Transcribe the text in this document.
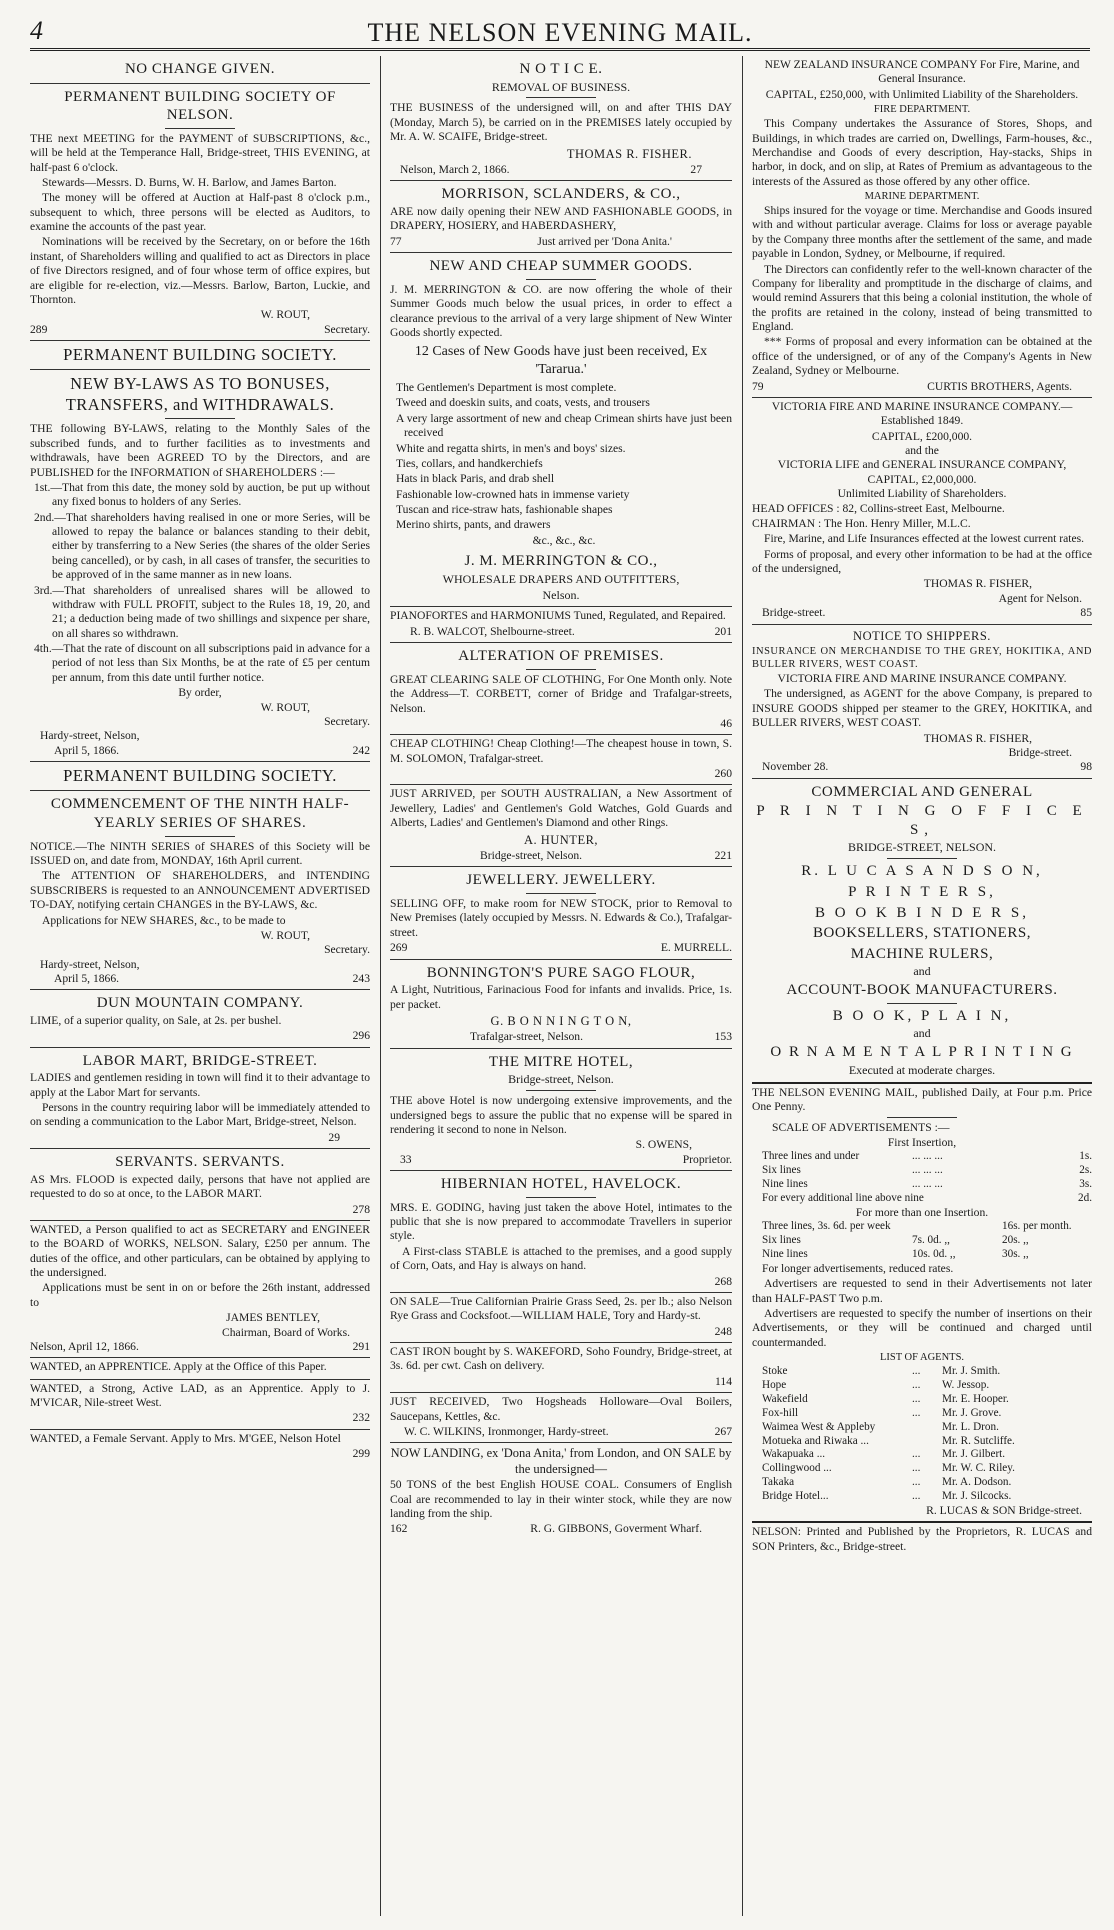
4	THE NELSON EVENING MAIL.
NO CHANGE GIVEN.
PERMANENT BUILDING SOCIETY OF NELSON.

THE next MEETING for the PAYMENT of SUBSCRIPTIONS, &c., will be held at the Temperance Hall, Bridge-street, THIS EVENING, at half-past 6 o'clock.

Stewards—Messrs. D. Burns, W. H. Barlow, and James Barton.

The money will be offered at Auction at Half-past 8 o'clock p.m., subsequent to which, three persons will be elected as Auditors, to examine the accounts of the past year.

Nominations will be received by the Secretary, on or before the 16th instant, of Shareholders willing and qualified to act as Directors in place of five Directors resigned, and of four whose term of office expires, but are eligible for re-election, viz.—Messrs. Barlow, Barton, Luckie, and Thornton.

W. ROUT,
289	Secretary.
PERMANENT BUILDING SOCIETY.
NEW BY-LAWS AS TO BONUSES, TRANSFERS, and WITHDRAWALS.

THE following BY-LAWS, relating to the Monthly Sales of the subscribed funds, and to further facilities as to investments and withdrawals, have been AGREED TO by the Directors, and are PUBLISHED for the INFORMATION of SHAREHOLDERS :—

1st.—That from this date, the money sold by auction, be put up without any fixed bonus to holders of any Series.

2nd.—That shareholders having realised in one or more Series, will be allowed to repay the balance or balances standing to their debit, either by transferring to a New Series (the shares of the older Series being cancelled), or by cash, in all cases of transfer, the securities to be approved of in the same manner as in new loans.

3rd.—That shareholders of unrealised shares will be allowed to withdraw with FULL PROFIT, subject to the Rules 18, 19, 20, and 21; a deduction being made of two shillings and sixpence per share, on all shares so withdrawn.

4th.—That the rate of discount on all subscriptions paid in advance for a period of not less than Six Months, be at the rate of £5 per centum per annum, from this date until further notice.

By order,
W. ROUT,
Secretary.
Hardy-street, Nelson,
April 5, 1866.	242
PERMANENT BUILDING SOCIETY.
COMMENCEMENT OF THE NINTH HALF-YEARLY SERIES OF SHARES.

NOTICE.—The NINTH SERIES of SHARES of this Society will be ISSUED on, and date from, MONDAY, 16th April current.

The ATTENTION OF SHAREHOLDERS, and INTENDING SUBSCRIBERS is requested to an ANNOUNCEMENT ADVERTISED TO-DAY, notifying certain CHANGES in the BY-LAWS, &c.

Applications for NEW SHARES, &c., to be made to

W. ROUT,
Secretary.
Hardy-street, Nelson,
April 5, 1866.	243
DUN MOUNTAIN COMPANY.

LIME, of a superior quality, on Sale, at 2s. per bushel.

296
LABOR MART, BRIDGE-STREET.

LADIES and gentlemen residing in town will find it to their advantage to apply at the Labor Mart for servants.

Persons in the country requiring labor will be immediately attended to on sending a communication to the Labor Mart, Bridge-street, Nelson.

29
SERVANTS. SERVANTS.

AS Mrs. FLOOD is expected daily, persons that have not applied are requested to do so at once, to the LABOR MART.

278

WANTED, a Person qualified to act as SECRETARY and ENGINEER to the BOARD of WORKS, NELSON. Salary, £250 per annum. The duties of the office, and other particulars, can be obtained by applying to the undersigned.

Applications must be sent in on or before the 26th instant, addressed to

JAMES BENTLEY,
Chairman, Board of Works.
Nelson, April 12, 1866.	291

WANTED, an APPRENTICE. Apply at the Office of this Paper.

WANTED, a Strong, Active LAD, as an Apprentice. Apply to J. M'VICAR, Nile-street West.

232

WANTED, a Female Servant. Apply to Mrs. M'GEE, Nelson Hotel

299
N O T I C E.
REMOVAL OF BUSINESS.

THE BUSINESS of the undersigned will, on and after THIS DAY (Monday, March 5), be carried on in the PREMISES lately occupied by Mr. A. W. SCAIFE, Bridge-street.

THOMAS R. FISHER.
Nelson, March 2, 1866.	27
MORRISON, SCLANDERS, & CO.,

ARE now daily opening their NEW AND FASHIONABLE GOODS, in DRAPERY, HOSIERY, and HABERDASHERY,

77	Just arrived per 'Dona Anita.'
NEW AND CHEAP SUMMER GOODS.

J. M. MERRINGTON & CO. are now offering the whole of their Summer Goods much below the usual prices, in order to effect a clearance previous to the arrival of a very large shipment of New Winter Goods shortly expected.

12 Cases of New Goods have just been received, Ex 'Tararua.'

The Gentlemen's Department is most complete.

Tweed and doeskin suits, and coats, vests, and trousers

A very large assortment of new and cheap Crimean shirts have just been received

White and regatta shirts, in men's and boys' sizes.

Ties, collars, and handkerchiefs

Hats in black Paris, and drab shell

Fashionable low-crowned hats in immense variety

Tuscan and rice-straw hats, fashionable shapes

Merino shirts, pants, and drawers

&c., &c., &c.

J. M. MERRINGTON & CO.,
WHOLESALE DRAPERS AND OUTFITTERS,
Nelson.

PIANOFORTES and HARMONIUMS Tuned, Regulated, and Repaired.

R. B. WALCOT, Shelbourne-street.	201
ALTERATION OF PREMISES.

GREAT CLEARING SALE OF CLOTHING, For One Month only. Note the Address—T. CORBETT, corner of Bridge and Trafalgar-streets, Nelson.

46

CHEAP CLOTHING! Cheap Clothing!—The cheapest house in town, S. M. SOLOMON, Trafalgar-street.

260

JUST ARRIVED, per SOUTH AUSTRALIAN, a New Assortment of Jewellery, Ladies' and Gentlemen's Gold Watches, Gold Guards and Alberts, Ladies' and Gentlemen's Diamond and other Rings.

A. HUNTER,
Bridge-street, Nelson.	221
JEWELLERY. JEWELLERY.

SELLING OFF, to make room for NEW STOCK, prior to Removal to New Premises (lately occupied by Messrs. N. Edwards & Co.), Trafalgar-street.

269	E. MURRELL.
BONNINGTON'S PURE SAGO FLOUR,

A Light, Nutritious, Farinacious Food for infants and invalids. Price, 1s. per packet.

G. B O N N I N G T O N,
Trafalgar-street, Nelson.	153
THE MITRE HOTEL,
Bridge-street, Nelson.

THE above Hotel is now undergoing extensive improvements, and the undersigned begs to assure the public that no expense will be spared in rendering it second to none in Nelson.

S. OWENS,
33	Proprietor.
HIBERNIAN HOTEL, HAVELOCK.

MRS. E. GODING, having just taken the above Hotel, intimates to the public that she is now prepared to accommodate Travellers in superior style.

A First-class STABLE is attached to the premises, and a good supply of Corn, Oats, and Hay is always on hand.

268

ON SALE—True Californian Prairie Grass Seed, 2s. per lb.; also Nelson Rye Grass and Cocksfoot.—WILLIAM HALE, Tory and Hardy-st.

248

CAST IRON bought by S. WAKEFORD, Soho Foundry, Bridge-street, at 3s. 6d. per cwt. Cash on delivery.

114

JUST RECEIVED, Two Hogsheads Holloware—Oval Boilers, Saucepans, Kettles, &c.

W. C. WILKINS, Ironmonger, Hardy-street.	267
NOW LANDING, ex 'Dona Anita,' from London, and ON SALE by the undersigned—

50 TONS of the best English HOUSE COAL. Consumers of English Coal are recommended to lay in their winter stock, while they are now landing from the ship.

162	R. G. GIBBONS, Goverment Wharf.

NEW ZEALAND INSURANCE COMPANY For Fire, Marine, and General Insurance.

CAPITAL, £250,000, with Unlimited Liability of the Shareholders.

FIRE DEPARTMENT.

This Company undertakes the Assurance of Stores, Shops, and Buildings, in which trades are carried on, Dwellings, Farm-houses, &c., Merchandise and Goods of every description, Hay-stacks, Ships in harbor, in dock, and on slip, at Rates of Premium as advantageous to the interests of the Assured as those offered by any other office.

MARINE DEPARTMENT.

Ships insured for the voyage or time. Merchandise and Goods insured with and without particular average. Claims for loss or average payable by the Company three months after the settlement of the same, and made payable in London, Sydney, or Melbourne, if required.

The Directors can confidently refer to the well-known character of the Company for liberality and promptitude in the discharge of claims, and would remind Assurers that this being a colonial institution, the whole of the profits are retained in the colony, instead of being transmitted to England.

*** Forms of proposal and every information can be obtained at the office of the undersigned, or of any of the Company's Agents in New Zealand, Sydney or Melbourne.

79	CURTIS BROTHERS, Agents.

VICTORIA FIRE AND MARINE INSURANCE COMPANY.—Established 1849.

CAPITAL, £200,000.
and the
VICTORIA LIFE and GENERAL INSURANCE COMPANY,
CAPITAL, £2,000,000.
Unlimited Liability of Shareholders.

HEAD OFFICES : 82, Collins-street East, Melbourne.

CHAIRMAN : The Hon. Henry Miller, M.L.C.

Fire, Marine, and Life Insurances effected at the lowest current rates.

Forms of proposal, and every other information to be had at the office of the undersigned,

THOMAS R. FISHER,
Agent for Nelson.
Bridge-street.	85
NOTICE TO SHIPPERS.

INSURANCE ON MERCHANDISE TO THE GREY, HOKITIKA, AND BULLER RIVERS, WEST COAST.

VICTORIA FIRE AND MARINE INSURANCE COMPANY.

The undersigned, as AGENT for the above Company, is prepared to INSURE GOODS shipped per steamer to the GREY, HOKITIKA, and BULLER RIVERS, WEST COAST.

THOMAS R. FISHER,
Bridge-street.
November 28.	98
COMMERCIAL AND GENERAL
P R I N T I N G O F F I C E S,
BRIDGE-STREET, NELSON.
R. L U C A S A N D S O N,
P R I N T E R S,
B O O K B I N D E R S,
BOOKSELLERS, STATIONERS,
MACHINE RULERS,
and
ACCOUNT-BOOK MANUFACTURERS.
B O O K, P L A I N,
and
O R N A M E N T A L P R I N T I N G
Executed at moderate charges.

THE NELSON EVENING MAIL, published Daily, at Four p.m. Price One Penny.

SCALE OF ADVERTISEMENTS :—
First Insertion,
Three lines and under	... ... ...	1s.
Six lines	... ... ...	2s.
Nine lines	... ... ...	3s.
For every additional line above nine	2d.
For more than one Insertion.
Three lines, 3s. 6d. per week	16s. per month.
Six lines	7s. 0d. ,,	20s. ,,
Nine lines	10s. 0d. ,,	30s. ,,

For longer advertisements, reduced rates.

Advertisers are requested to send in their Advertisements not later than HALF-PAST Two p.m.

Advertisers are requested to specify the number of insertions on their Advertisements, or they will be continued and charged until countermanded.

LIST OF AGENTS.
Stoke	...	Mr. J. Smith.
Hope	...	W. Jessop.
Wakefield	...	Mr. E. Hooper.
Fox-hill	...	Mr. J. Grove.
Waimea West & Appleby	Mr. L. Dron.
Motueka and Riwaka ...	Mr. R. Sutcliffe.
Wakapuaka ...	...	Mr. J. Gilbert.
Collingwood ...	...	Mr. W. C. Riley.
Takaka	...	Mr. A. Dodson.
Bridge Hotel...	...	Mr. J. Silcocks.
R. LUCAS & SON Bridge-street.

NELSON: Printed and Published by the Proprietors, R. LUCAS and SON Printers, &c., Bridge-street.
